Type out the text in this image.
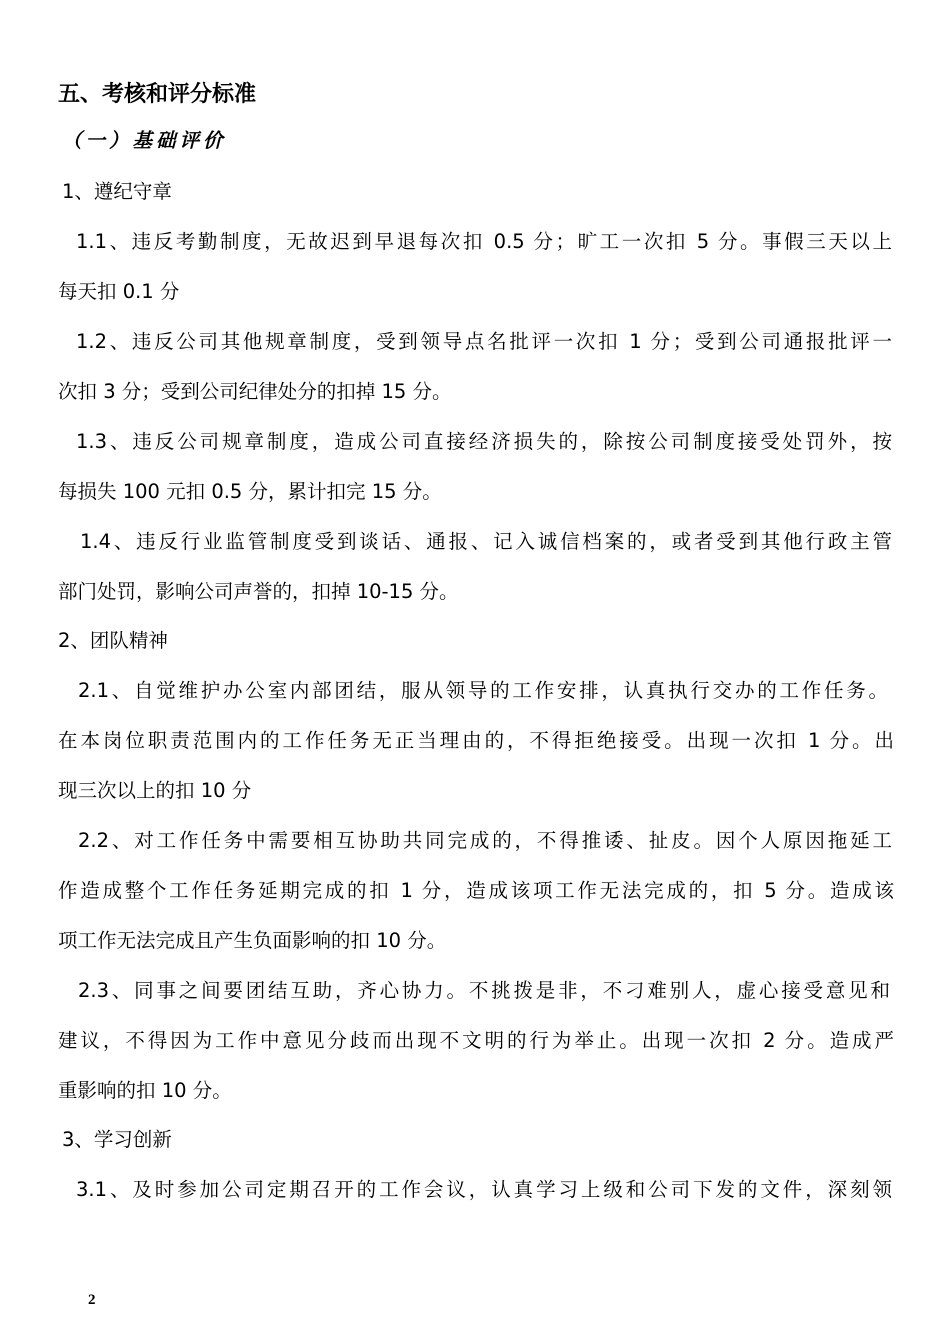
五、考核和评分标准
（一）基础评价
1、遵纪守章
1.1、违反考勤制度，无故迟到早退每次扣 0.5 分；旷工一次扣 5 分。事假三天以上
每天扣 0.1 分
1.2、违反公司其他规章制度，受到领导点名批评一次扣 1 分；受到公司通报批评一
次扣 3 分；受到公司纪律处分的扣掉 15 分。
1.3、违反公司规章制度，造成公司直接经济损失的，除按公司制度接受处罚外，按
每损失 100 元扣 0.5 分，累计扣完 15 分。
1.4、违反行业监管制度受到谈话、通报、记入诚信档案的，或者受到其他行政主管
部门处罚，影响公司声誉的，扣掉 10-15 分。
2、团队精神
2.1、自觉维护办公室内部团结，服从领导的工作安排，认真执行交办的工作任务。
在本岗位职责范围内的工作任务无正当理由的，不得拒绝接受。出现一次扣 1 分。出
现三次以上的扣 10 分
2.2、对工作任务中需要相互协助共同完成的，不得推诿、扯皮。因个人原因拖延工
作造成整个工作任务延期完成的扣 1 分，造成该项工作无法完成的，扣 5 分。造成该
项工作无法完成且产生负面影响的扣 10 分。
2.3、同事之间要团结互助，齐心协力。不挑拨是非，不刁难别人，虚心接受意见和
建议，不得因为工作中意见分歧而出现不文明的行为举止。出现一次扣 2 分。造成严
重影响的扣 10 分。
3、学习创新
3.1、及时参加公司定期召开的工作会议，认真学习上级和公司下发的文件，深刻领
2
